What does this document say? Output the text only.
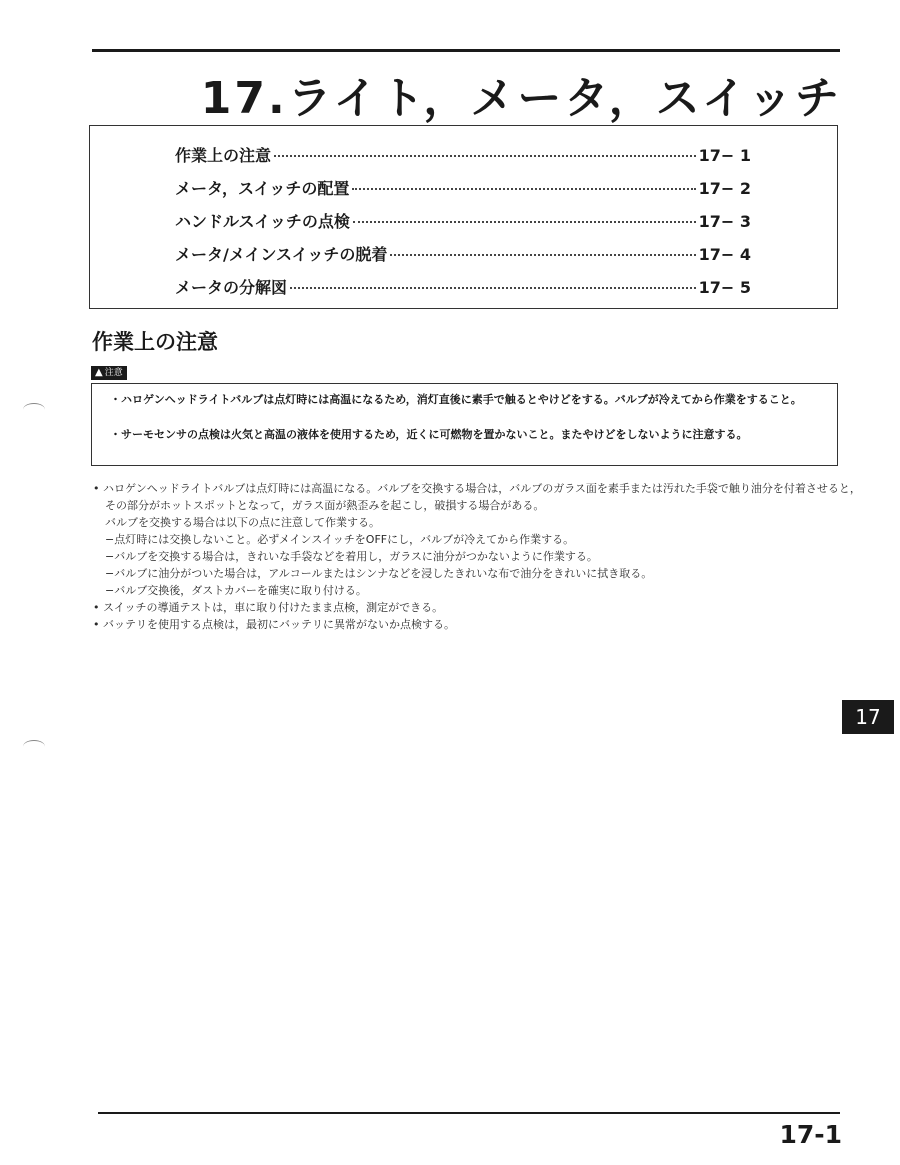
17.ライト，メータ，スイッチ
作業上の注意	17− 1
メータ，スイッチの配置	17− 2
ハンドルスイッチの点検	17− 3
メータ/メインスイッチの脱着	17− 4
メータの分解図	17− 5
作業上の注意
▲ 注意
・ハロゲンヘッドライトバルブは点灯時には高温になるため，消灯直後に素手で触るとやけどをする。バルブが冷えてから作業をすること。
・サーモセンサの点検は火気と高温の液体を使用するため，近くに可燃物を置かないこと。またやけどをしないように注意する。
• ハロゲンヘッドライトバルブは点灯時には高温になる。バルブを交換する場合は，バルブのガラス面を素手または汚れた手袋で触り油分を付着させると，その部分がホットスポットとなって，ガラス面が熱歪みを起こし，破損する場合がある。
バルブを交換する場合は以下の点に注意して作業する。
−点灯時には交換しないこと。必ずメインスイッチをOFFにし，バルブが冷えてから作業する。
−バルブを交換する場合は，きれいな手袋などを着用し，ガラスに油分がつかないように作業する。
−バルブに油分がついた場合は，アルコールまたはシンナなどを浸したきれいな布で油分をきれいに拭き取る。
−バルブ交換後，ダストカバーを確実に取り付ける。
• スイッチの導通テストは，車に取り付けたまま点検，測定ができる。
• バッテリを使用する点検は，最初にバッテリに異常がないか点検する。
17

17-1
